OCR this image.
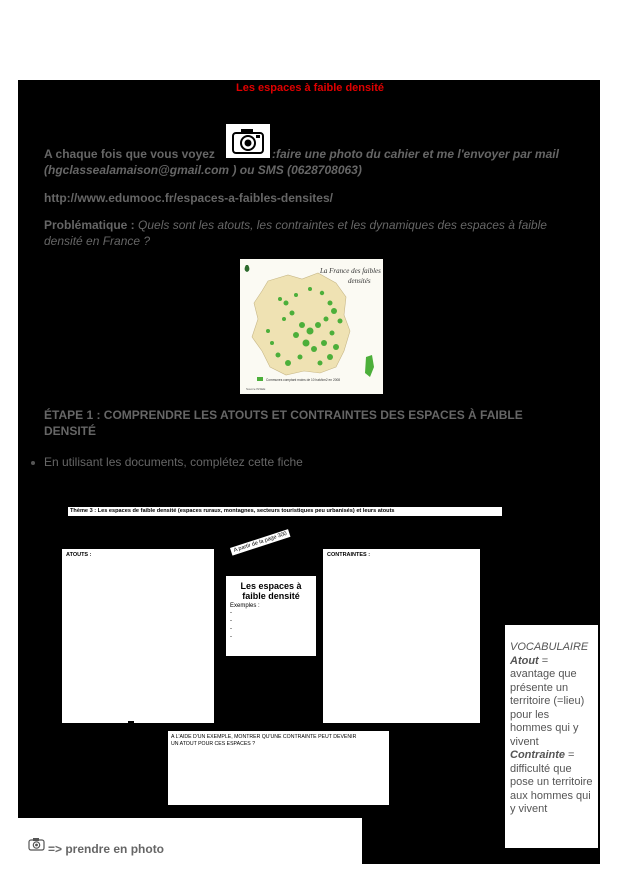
Les espaces à faible densité
A chaque fois que vous voyez	:faire une photo du cahier et me l'envoyer par mail
(hgclassealamaison@gmail.com ) ou SMS (0628708063)
http://www.edumooc.fr/espaces-a-faibles-densites/
Problématique : Quels sont les atouts, les contraintes et les dynamiques des espaces à faible
densité en France ?
Communes comptant moins de 10 hab/km2 en 2008
Source INSEE
La France des faibles
densités
ÉTAPE 1 : COMPRENDRE LES ATOUTS ET CONTRAINTES DES ESPACES À FAIBLE
DENSITÉ
En utilisant les documents, complétez cette fiche
Thème 3 : Les espaces de faible densité (espaces ruraux, montagnes, secteurs touristiques peu urbanisés) et leurs atouts
ATOUTS :	CONTRAINTES :
A partir de la page 300
Les espaces à
faible densité
Exemples :
-
-
-
-
A L'AIDE D'UN EXEMPLE, MONTRER QU'UNE CONTRAINTE PEUT DEVENIR
UN ATOUT POUR CES ESPACES ?
VOCABULAIRE
Atout = avantage que présente un territoire (=lieu) pour les hommes qui y vivent
Contrainte = difficulté que pose un territoire aux hommes qui y vivent
=> prendre en photo
